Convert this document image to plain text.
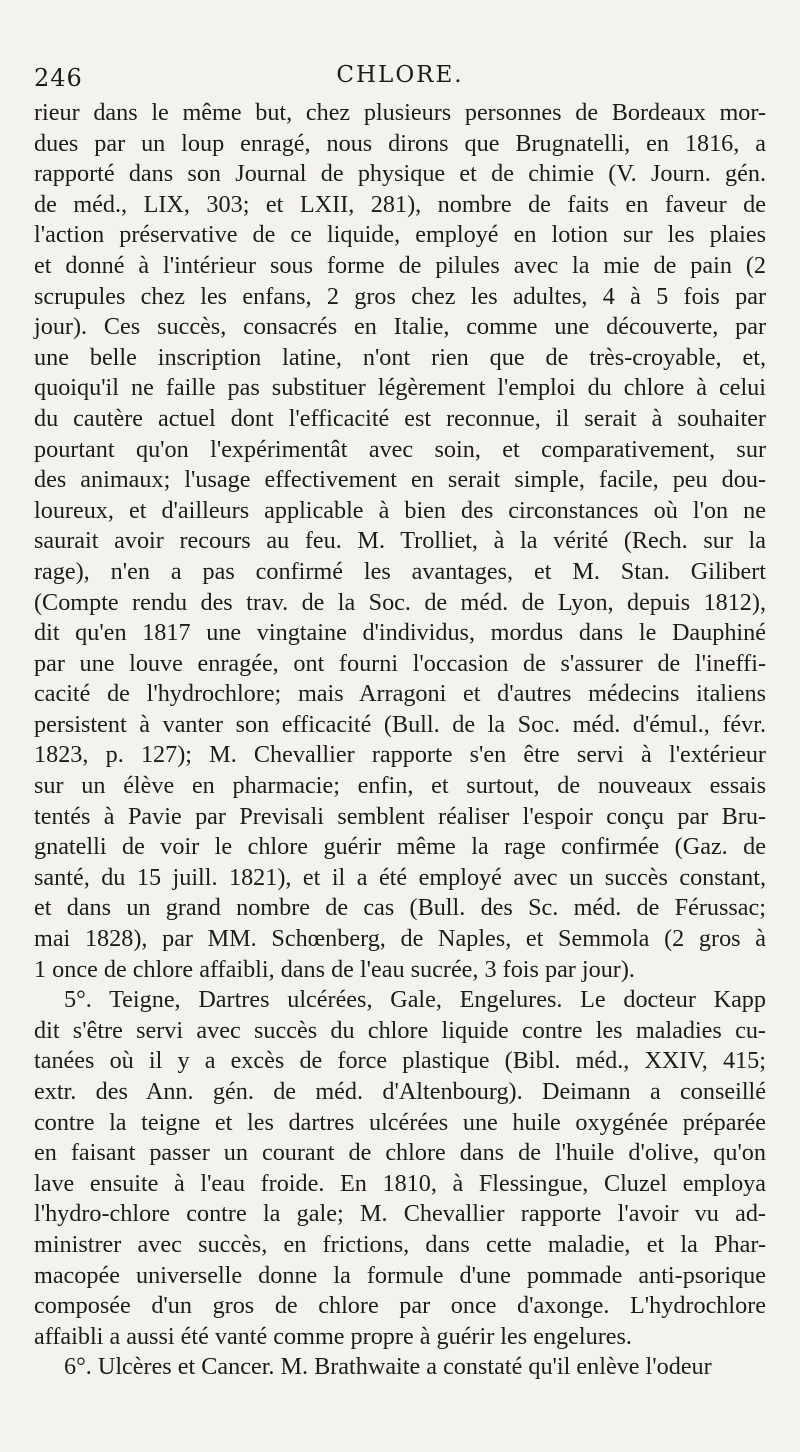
246	CHLORE.
rieur dans le même but, chez plusieurs personnes de Bordeaux mor-
dues par un loup enragé, nous dirons que Brugnatelli, en 1816, a
rapporté dans son Journal de physique et de chimie (V. Journ. gén.
de méd., LIX, 303; et LXII, 281), nombre de faits en faveur de
l'action préservative de ce liquide, employé en lotion sur les plaies
et donné à l'intérieur sous forme de pilules avec la mie de pain (2
scrupules chez les enfans, 2 gros chez les adultes, 4 à 5 fois par
jour). Ces succès, consacrés en Italie, comme une découverte, par
une belle inscription latine, n'ont rien que de très-croyable, et,
quoiqu'il ne faille pas substituer légèrement l'emploi du chlore à celui
du cautère actuel dont l'efficacité est reconnue, il serait à souhaiter
pourtant qu'on l'expérimentât avec soin, et comparativement, sur
des animaux; l'usage effectivement en serait simple, facile, peu dou-
loureux, et d'ailleurs applicable à bien des circonstances où l'on ne
saurait avoir recours au feu. M. Trolliet, à la vérité (Rech. sur la
rage), n'en a pas confirmé les avantages, et M. Stan. Gilibert
(Compte rendu des trav. de la Soc. de méd. de Lyon, depuis 1812),
dit qu'en 1817 une vingtaine d'individus, mordus dans le Dauphiné
par une louve enragée, ont fourni l'occasion de s'assurer de l'ineffi-
cacité de l'hydrochlore; mais Arragoni et d'autres médecins italiens
persistent à vanter son efficacité (Bull. de la Soc. méd. d'émul., févr.
1823, p. 127); M. Chevallier rapporte s'en être servi à l'extérieur
sur un élève en pharmacie; enfin, et surtout, de nouveaux essais
tentés à Pavie par Previsali semblent réaliser l'espoir conçu par Bru-
gnatelli de voir le chlore guérir même la rage confirmée (Gaz. de
santé, du 15 juill. 1821), et il a été employé avec un succès constant,
et dans un grand nombre de cas (Bull. des Sc. méd. de Férussac;
mai 1828), par MM. Schœnberg, de Naples, et Semmola (2 gros à
1 once de chlore affaibli, dans de l'eau sucrée, 3 fois par jour).
5°. Teigne, Dartres ulcérées, Gale, Engelures. Le docteur Kapp
dit s'être servi avec succès du chlore liquide contre les maladies cu-
tanées où il y a excès de force plastique (Bibl. méd., XXIV, 415;
extr. des Ann. gén. de méd. d'Altenbourg). Deimann a conseillé
contre la teigne et les dartres ulcérées une huile oxygénée préparée
en faisant passer un courant de chlore dans de l'huile d'olive, qu'on
lave ensuite à l'eau froide. En 1810, à Flessingue, Cluzel employa
l'hydro-chlore contre la gale; M. Chevallier rapporte l'avoir vu ad-
ministrer avec succès, en frictions, dans cette maladie, et la Phar-
macopée universelle donne la formule d'une pommade anti-psorique
composée d'un gros de chlore par once d'axonge. L'hydrochlore
affaibli a aussi été vanté comme propre à guérir les engelures.
6°. Ulcères et Cancer. M. Brathwaite a constaté qu'il enlève l'odeur
